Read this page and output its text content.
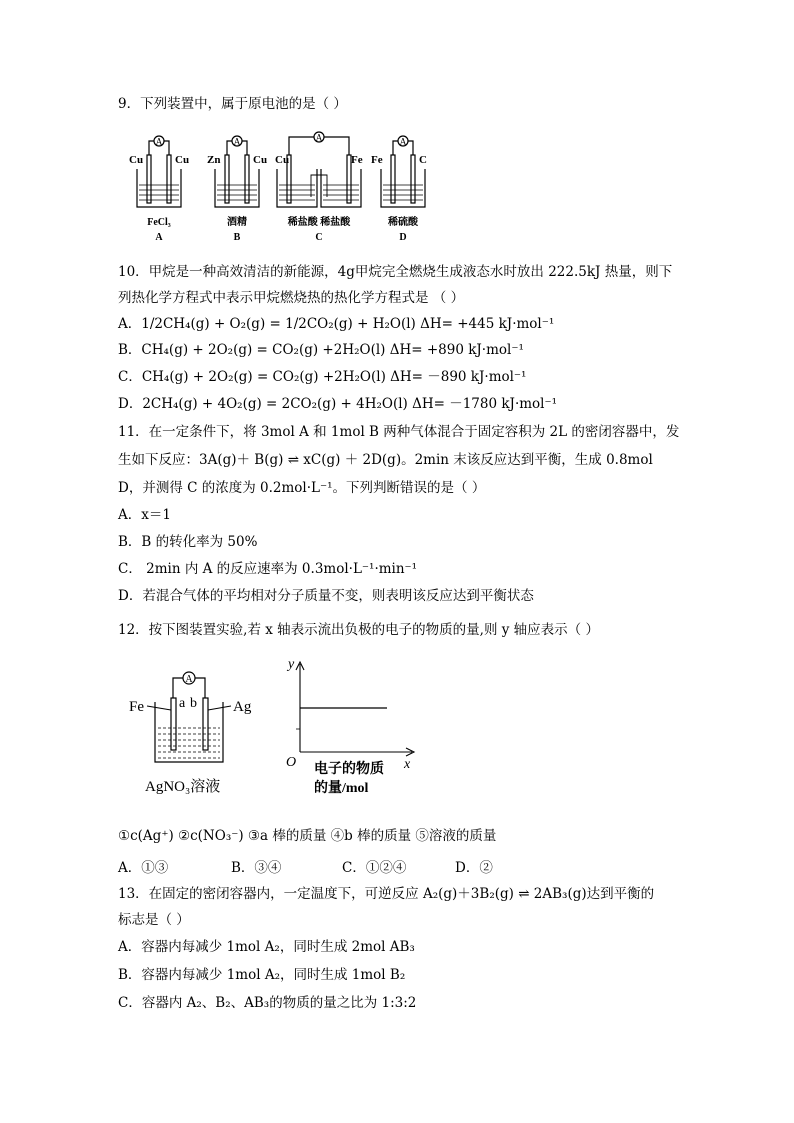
9．下列装置中，属于原电池的是（ ）
A	A	A	A
Cu	Cu Zn	Cu Cu	Fe Fe	C
FeCl₃	酒精	稀盐酸 稀盐酸	稀硫酸
A	B	C	D
10．甲烷是一种高效清洁的新能源，4g甲烷完全燃烧生成液态水时放出 222.5kJ 热量，则下
列热化学方程式中表示甲烷燃烧热的热化学方程式是 （ ）
A．1/2CH₄(g) + O₂(g) = 1/2CO₂(g) + H₂O(l) ΔH= +445 kJ·mol⁻¹
B．CH₄(g) + 2O₂(g) = CO₂(g) +2H₂O(l) ΔH= +890 kJ·mol⁻¹
C．CH₄(g) + 2O₂(g) = CO₂(g) +2H₂O(l) ΔH= －890 kJ·mol⁻¹
D．2CH₄(g) + 4O₂(g) = 2CO₂(g) + 4H₂O(l) ΔH= －1780 kJ·mol⁻¹
11．在一定条件下，将 3mol A 和 1mol B 两种气体混合于固定容积为 2L 的密闭容器中，发
生如下反应：3A(g)＋ B(g) ⇌ xC(g) ＋ 2D(g)。2min 末该反应达到平衡，生成 0.8mol
D，并测得 C 的浓度为 0.2mol·L⁻¹。下列判断错误的是（ ）
A．x＝1
B．B 的转化率为 50%
C． 2min 内 A 的反应速率为 0.3mol·L⁻¹·min⁻¹
D．若混合气体的平均相对分子质量不变，则表明该反应达到平衡状态
12．按下图装置实验,若 x 轴表示流出负极的电子的物质的量,则 y 轴应表示（ ）
A
a b
Fe	Ag
AgNO₃溶液
y
x
O 电子的物质
的量/mol
①c(Ag⁺) ②c(NO₃⁻) ③a 棒的质量 ④b 棒的质量 ⑤溶液的质量
A．①③	B．③④	C．①②④	D．②
13．在固定的密闭容器内，一定温度下，可逆反应 A₂(g)＋3B₂(g) ⇌ 2AB₃(g)达到平衡的
标志是（ ）
A．容器内每减少 1mol A₂，同时生成 2mol AB₃
B．容器内每减少 1mol A₂，同时生成 1mol B₂
C．容器内 A₂、B₂、AB₃的物质的量之比为 1:3:2
